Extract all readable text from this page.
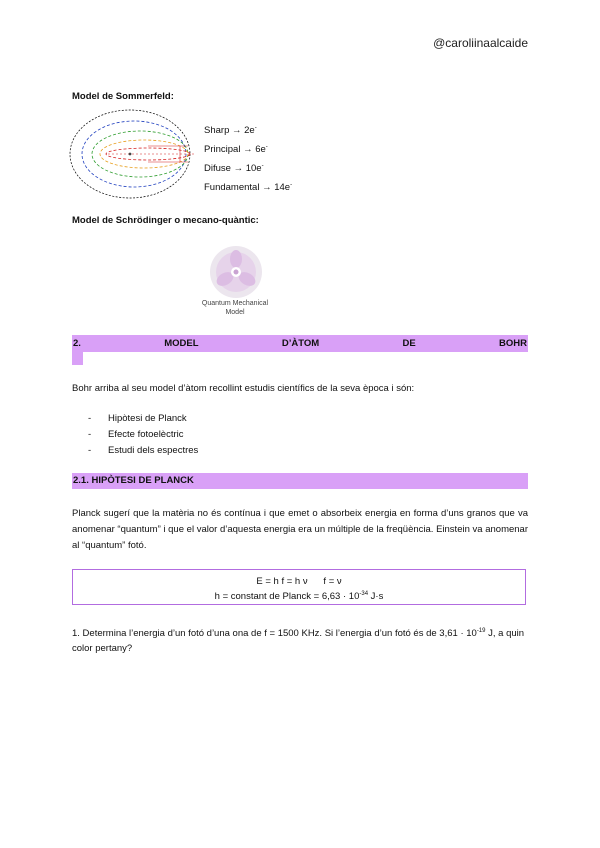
@caroliinaalcaide
Model de Sommerfeld:
Sharp → 2e-
Principal → 6e-
Difuse → 10e-
Fundamental → 14e-
Model de Schrödinger o mecano-quàntic:
Quantum Mechanical
Model
2.	MODEL	D’ÀTOM	DE	BOHR
Bohr arriba al seu model d’àtom recollint estudis científics de la seva època i són:
-	Hipòtesi de Planck
-	Efecte fotoelèctric
-	Estudi dels espectres
2.1. HIPÒTESI DE PLANCK
Planck sugerí que la matèria no és contínua i que emet o absorbeix energia en forma d’uns granos que va anomenar “quantum” i que el valor d’aquesta energia era un múltiple de la freqüència. Einstein va anomenar al “quantum” fotó.
E = h f = h ν      f = ν
h = constant de Planck = $6,63 \cdot 10^{-34}$ J·s
1. Determina l’energia d’un fotó d’una ona de f = 1500 KHz. Si l’energia d’un fotó és de $3,61 \cdot 10^{-19}$ J, a quin color pertany?
